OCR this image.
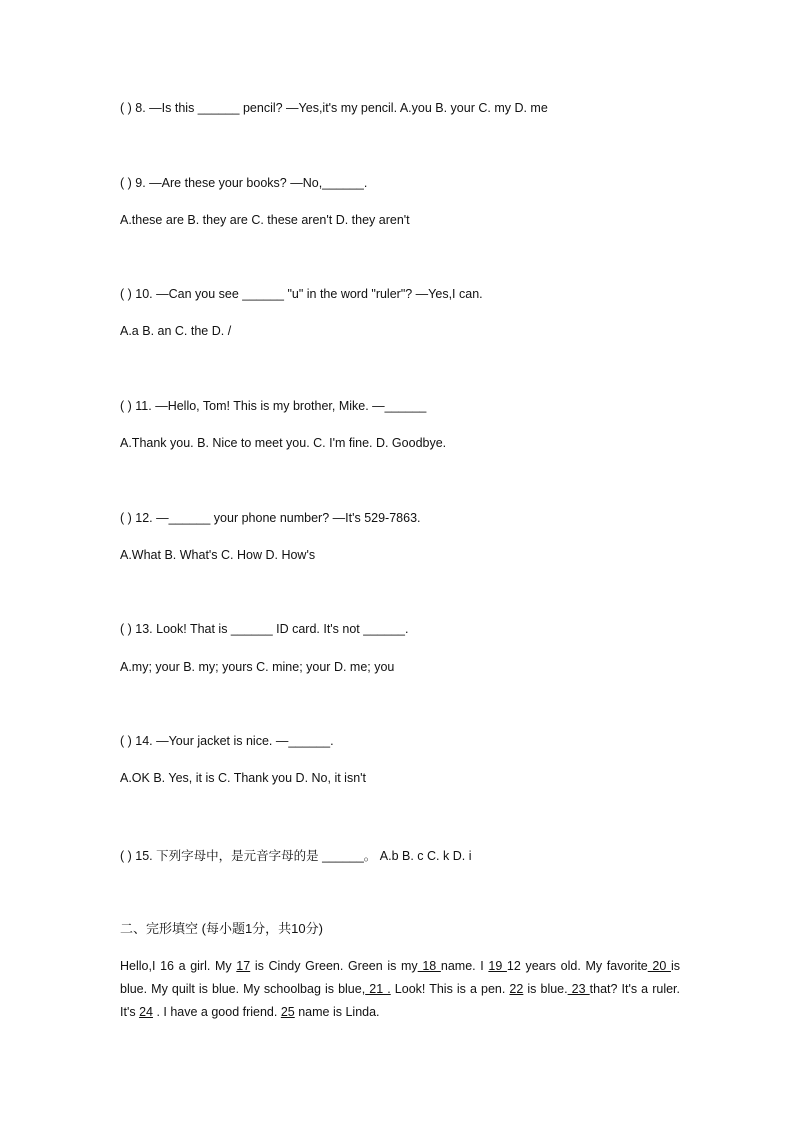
( ) 8. —Is this ______ pencil? —Yes,it's my pencil. A.you B. your C. my D. me
( ) 9. —Are these your books? —No,______.
A.these are B. they are C. these aren't D. they aren't
( ) 10. —Can you see ______ "u" in the word "ruler"? —Yes,I can.
A.a B. an C. the D. /
( ) 11. —Hello, Tom! This is my brother, Mike. —______
A.Thank you. B. Nice to meet you. C. I'm fine. D. Goodbye.
( ) 12. —______ your phone number? —It's 529-7863.
A.What B. What's C. How D. How's
( ) 13. Look! That is ______ ID card. It's not ______.
A.my; your B. my; yours C. mine; your D. me; you
( ) 14. —Your jacket is nice. —______.
A.OK B. Yes, it is C. Thank you D. No, it isn't
( ) 15. 下列字母中，是元音字母的是 ______。 A.b B. c C. k D. i
二、完形填空 (每小题1分，共10分)
Hello,I 16 a girl. My 17 is Cindy Green. Green is my 18 name. I 19 12 years old. My favorite 20 is blue. My quilt is blue. My schoolbag is blue, 21 . Look! This is a pen. 22 is blue. 23 that? It's a ruler. It's 24 . I have a good friend. 25 name is Linda.
